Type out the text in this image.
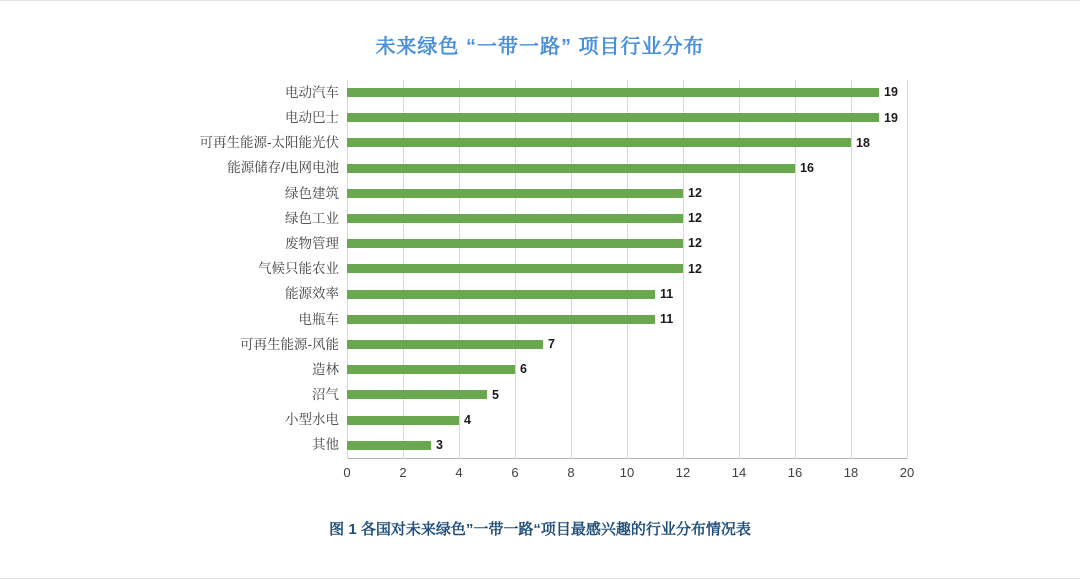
未来绿色 “一带一路” 项目行业分布
电动汽车	19
电动巴士	19
可再生能源-太阳能光伏	18
能源储存/电网电池	16
绿色建筑	12
绿色工业	12
废物管理	12
气候只能农业	12
能源效率	11
电瓶车	11
可再生能源-风能	7
造林	6
沼气	5
小型水电	4
其他	3
0	2	4	6	8	10	12	14	16	18	20
图 1 各国对未来绿色”一带一路“项目最感兴趣的行业分布情况表
